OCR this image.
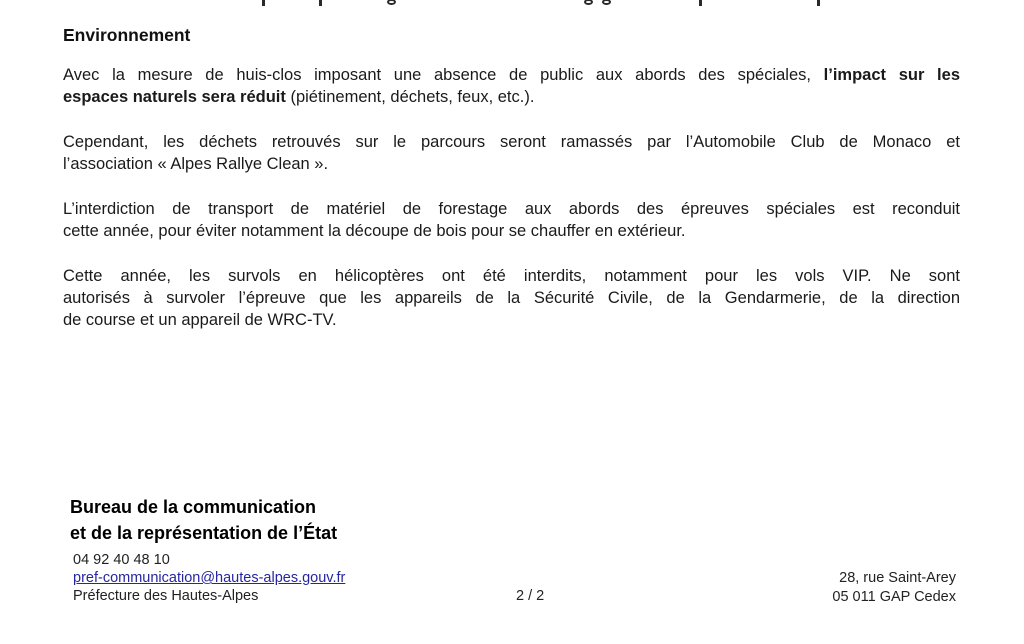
Environnement
Avec la mesure de huis-clos imposant une absence de public aux abords des spéciales, l’impact sur les
espaces naturels sera réduit (piétinement, déchets, feux, etc.).
Cependant, les déchets retrouvés sur le parcours seront ramassés par l’Automobile Club de Monaco et
l’association « Alpes Rallye Clean ».
L’interdiction de transport de matériel de forestage aux abords des épreuves spéciales est reconduit
cette année, pour éviter notamment la découpe de bois pour se chauffer en extérieur.
Cette année, les survols en hélicoptères ont été interdits, notamment pour les vols VIP. Ne sont
autorisés à survoler l’épreuve que les appareils de la Sécurité Civile, de la Gendarmerie, de la direction
de course et un appareil de WRC-TV.
Bureau de la communication
et de la représentation de l’État
04 92 40 48 10
pref-communication@hautes-alpes.gouv.fr
Préfecture des Hautes-Alpes	2 / 2
28, rue Saint-Arey
05 011 GAP Cedex
